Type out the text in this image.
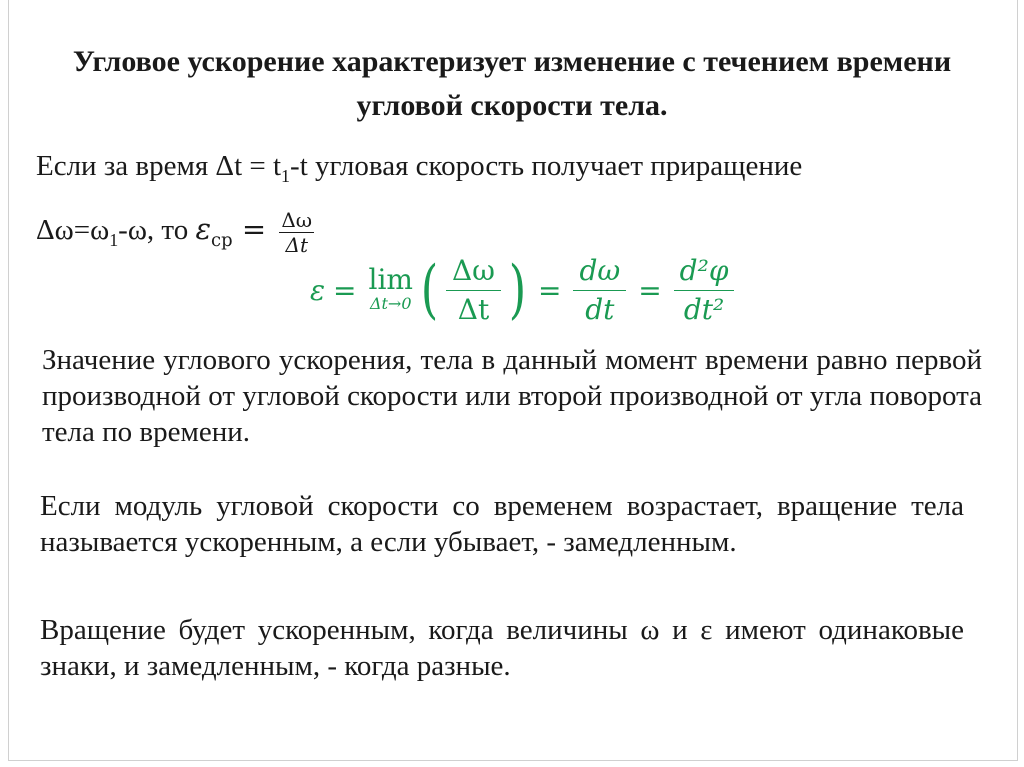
Угловое ускорение характеризует изменение с течением времени угловой скорости тела.
Если за время $\Delta t = t_1-t$ угловая скорость получает приращение
$\Delta\omega=\omega_1-\omega$, то $\varepsilon_{ср} = \frac{\Delta\omega}{\Delta t}$
ε = lim
Δt→0 ( $\frac{\Delta\omega}{\Delta t}$ ) = $\frac{d\omega}{dt} = \frac{\text{d²φ}}{\text{dt²}}$
Значение углового ускорения, тела в данный момент времени равно первой производной от угловой скорости или второй производной от угла поворота тела по времени.
Если модуль угловой скорости со временем возрастает, вращение тела называется ускоренным, а если убывает, - замедленным.
Вращение будет ускоренным, когда величины ω и ε имеют одинаковые знаки, и замедленным, - когда разные.
